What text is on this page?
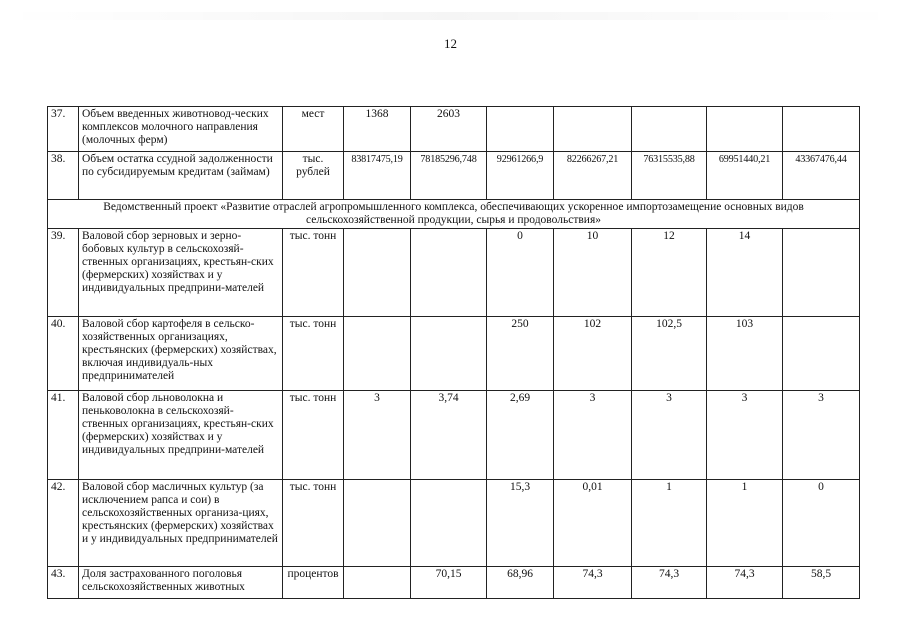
12
37.	Объем введенных животновод-ческих комплексов молочного направления (молочных ферм)	мест	1368	2603					
38.	Объем остатка ссудной задолженности по субсидируемым кредитам (займам)	тыс. рублей	83817475,19	78185296,748	92961266,9	82266267,21	76315535,88	69951440,21	43367476,44
Ведомственный проект «Развитие отраслей агропромышленного комплекса, обеспечивающих ускоренное импортозамещение основных видов сельскохозяйственной продукции, сырья и продовольствия»									
39.	Валовой сбор зерновых и зерно-бобовых культур в сельскохозяй-ственных организациях, крестьян-ских (фермерских) хозяйствах и у индивидуальных предприни-мателей	тыс. тонн			0	10	12	14	
40.	Валовой сбор картофеля в сельско-хозяйственных организациях, крестьянских (фермерских) хозяйствах, включая индивидуаль-ных предпринимателей	тыс. тонн			250	102	102,5	103	
41.	Валовой сбор льноволокна и пеньковолокна в сельскохозяй-ственных организациях, крестьян-ских (фермерских) хозяйствах и у индивидуальных предприни-мателей	тыс. тонн	3	3,74	2,69	3	3	3	3
42.	Валовой сбор масличных культур (за исключением рапса и сои) в сельскохозяйственных организа-циях, крестьянских (фермерских) хозяйствах и у индивидуальных предпринимателей	тыс. тонн			15,3	0,01	1	1	0
43.	Доля застрахованного поголовья сельскохозяйственных животных	процентов		70,15	68,96	74,3	74,3	74,3	58,5
